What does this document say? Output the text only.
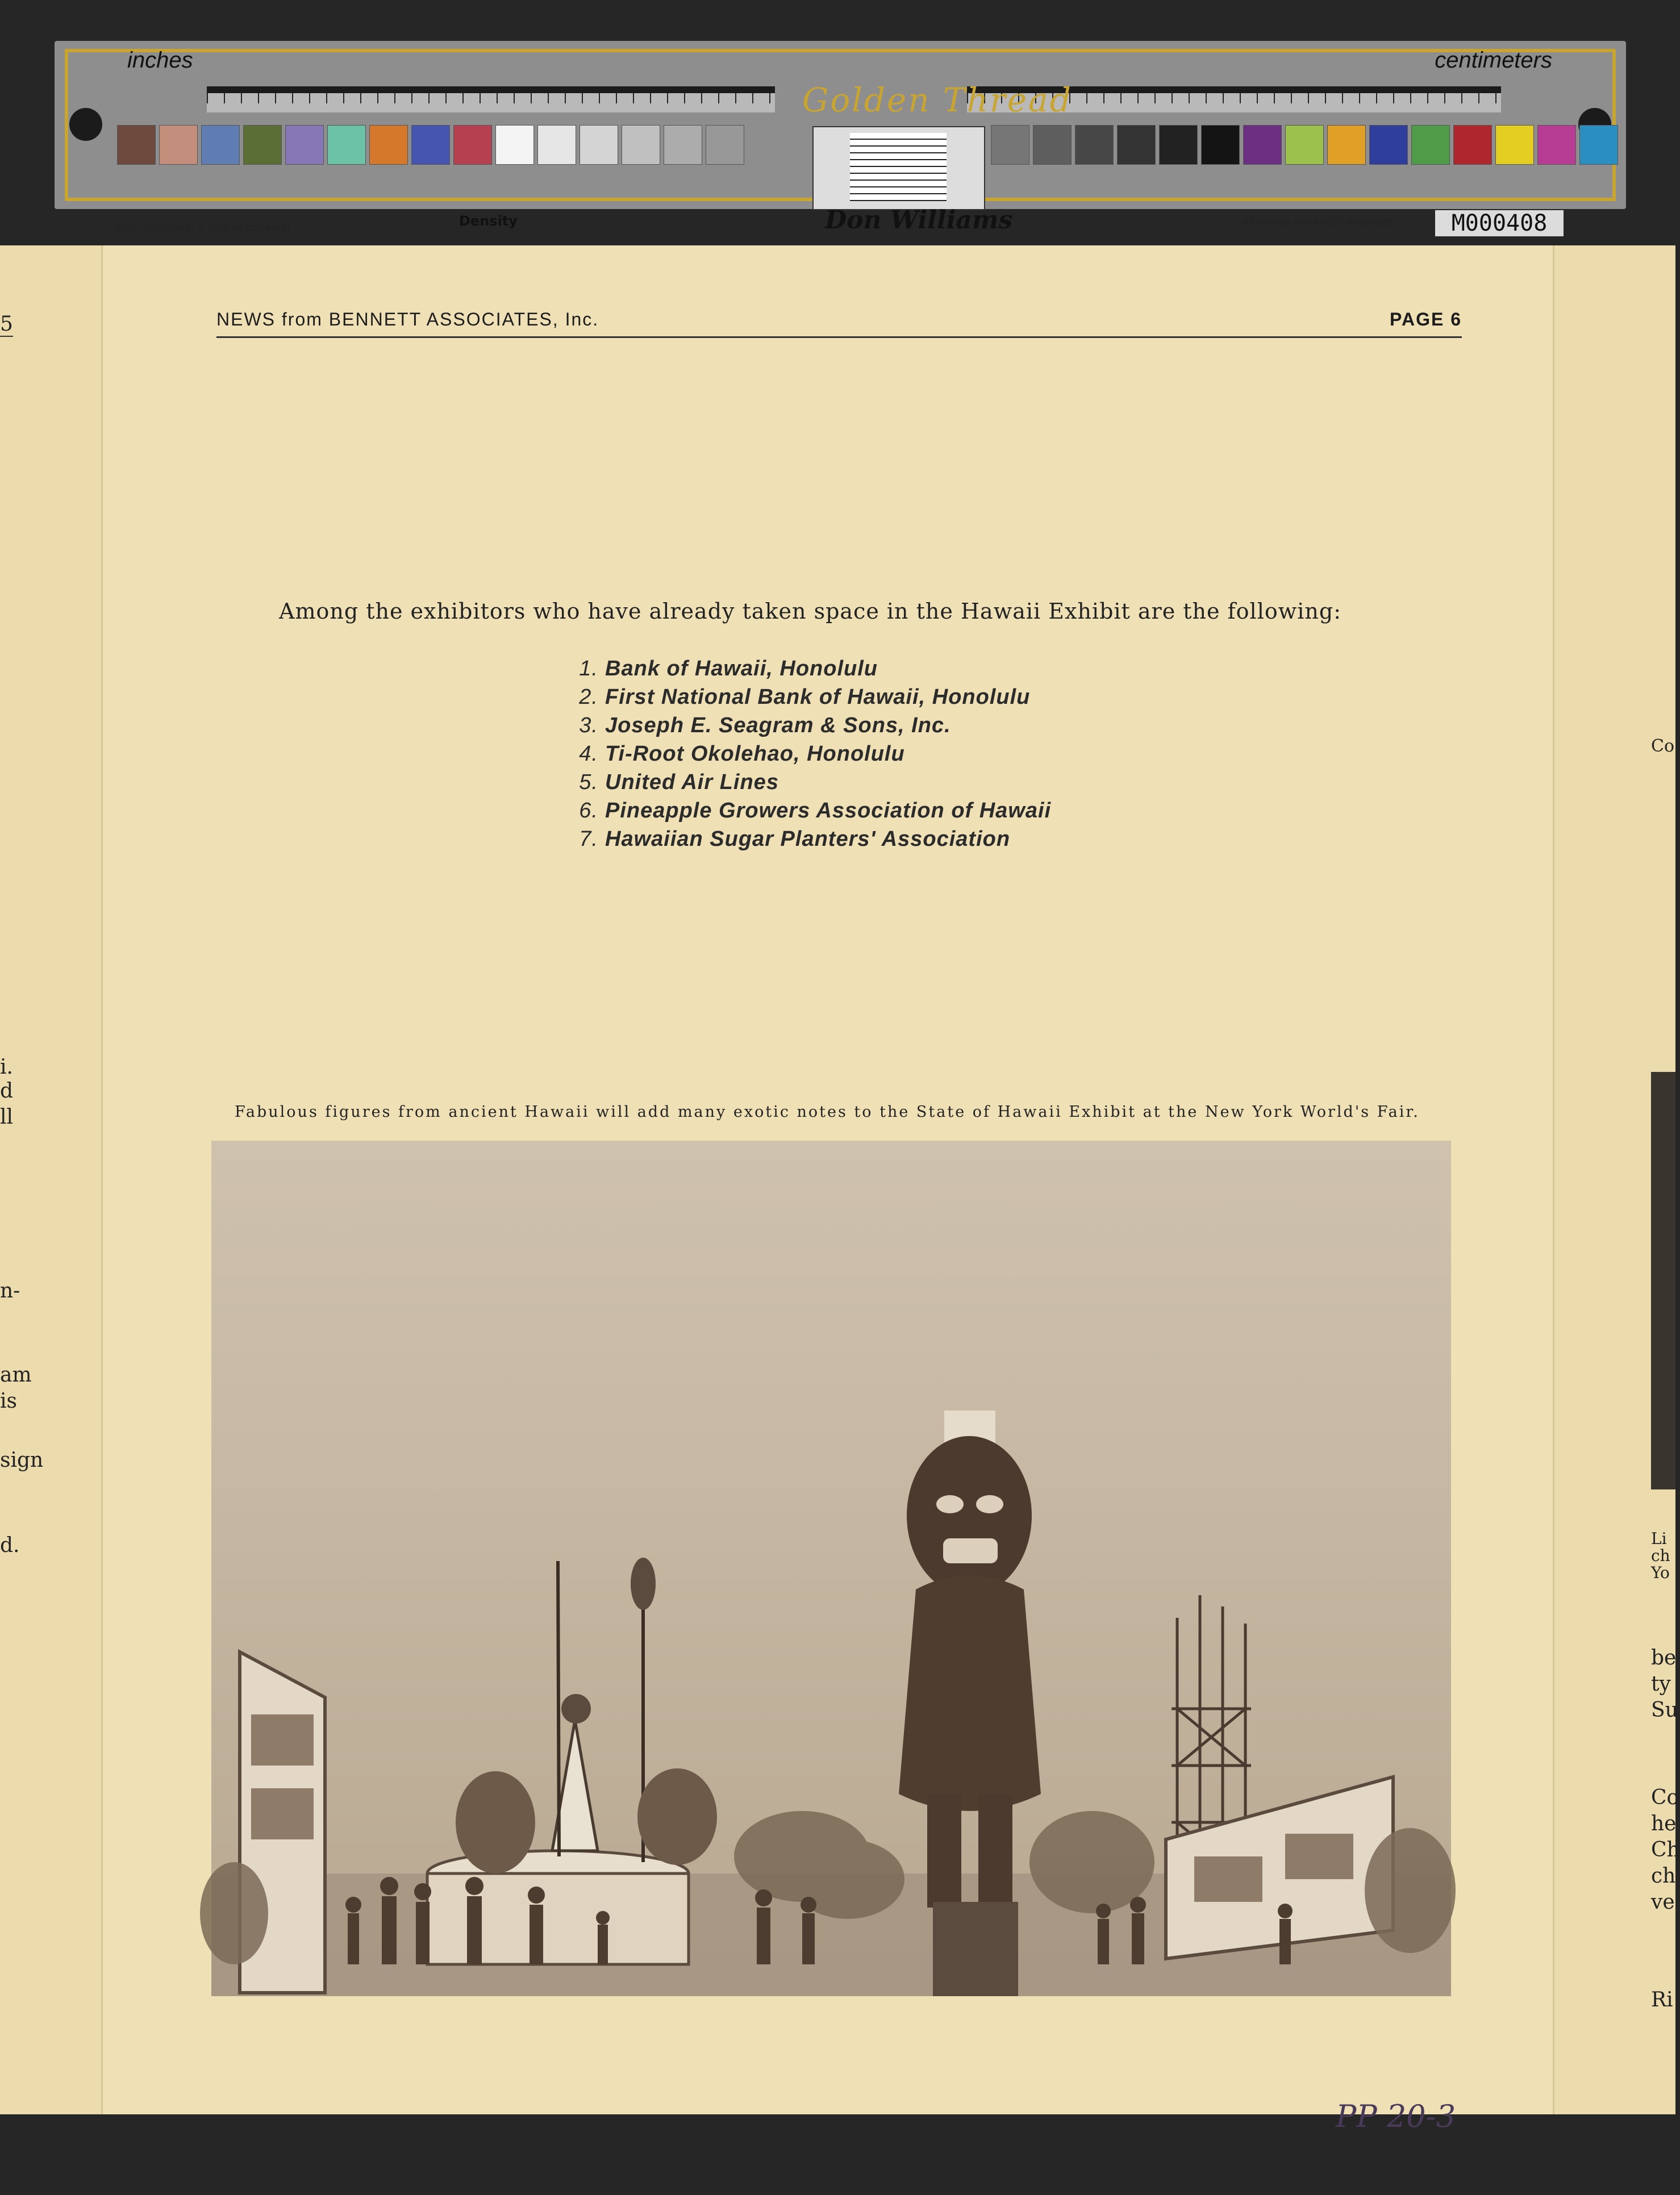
inches	centimeters
Golden Thread
Density
D50 Illuminant, 2 degree observer	All values are batch averages
Don Williams	M000408
5
i.
d
ll
n-
am
is
sign
d.
NEWS from BENNETT ASSOCIATES, Inc.	PAGE 6
Among the exhibitors who have already taken space in the Hawaii Exhibit are the following:
1. Bank of Hawaii, Honolulu
2. First National Bank of Hawaii, Honolulu
3. Joseph E. Seagram & Sons, Inc.
4. Ti-Root Okolehao, Honolulu
5. United Air Lines
6. Pineapple Growers Association of Hawaii
7. Hawaiian Sugar Planters' Association
Fabulous figures from ancient Hawaii will add many exotic notes to the State of Hawaii Exhibit at the New York World's Fair.
PP 20-3
Co
Li
ch
Yo
be
ty
Su
Co
he
Ch
ch
ve
Ri
